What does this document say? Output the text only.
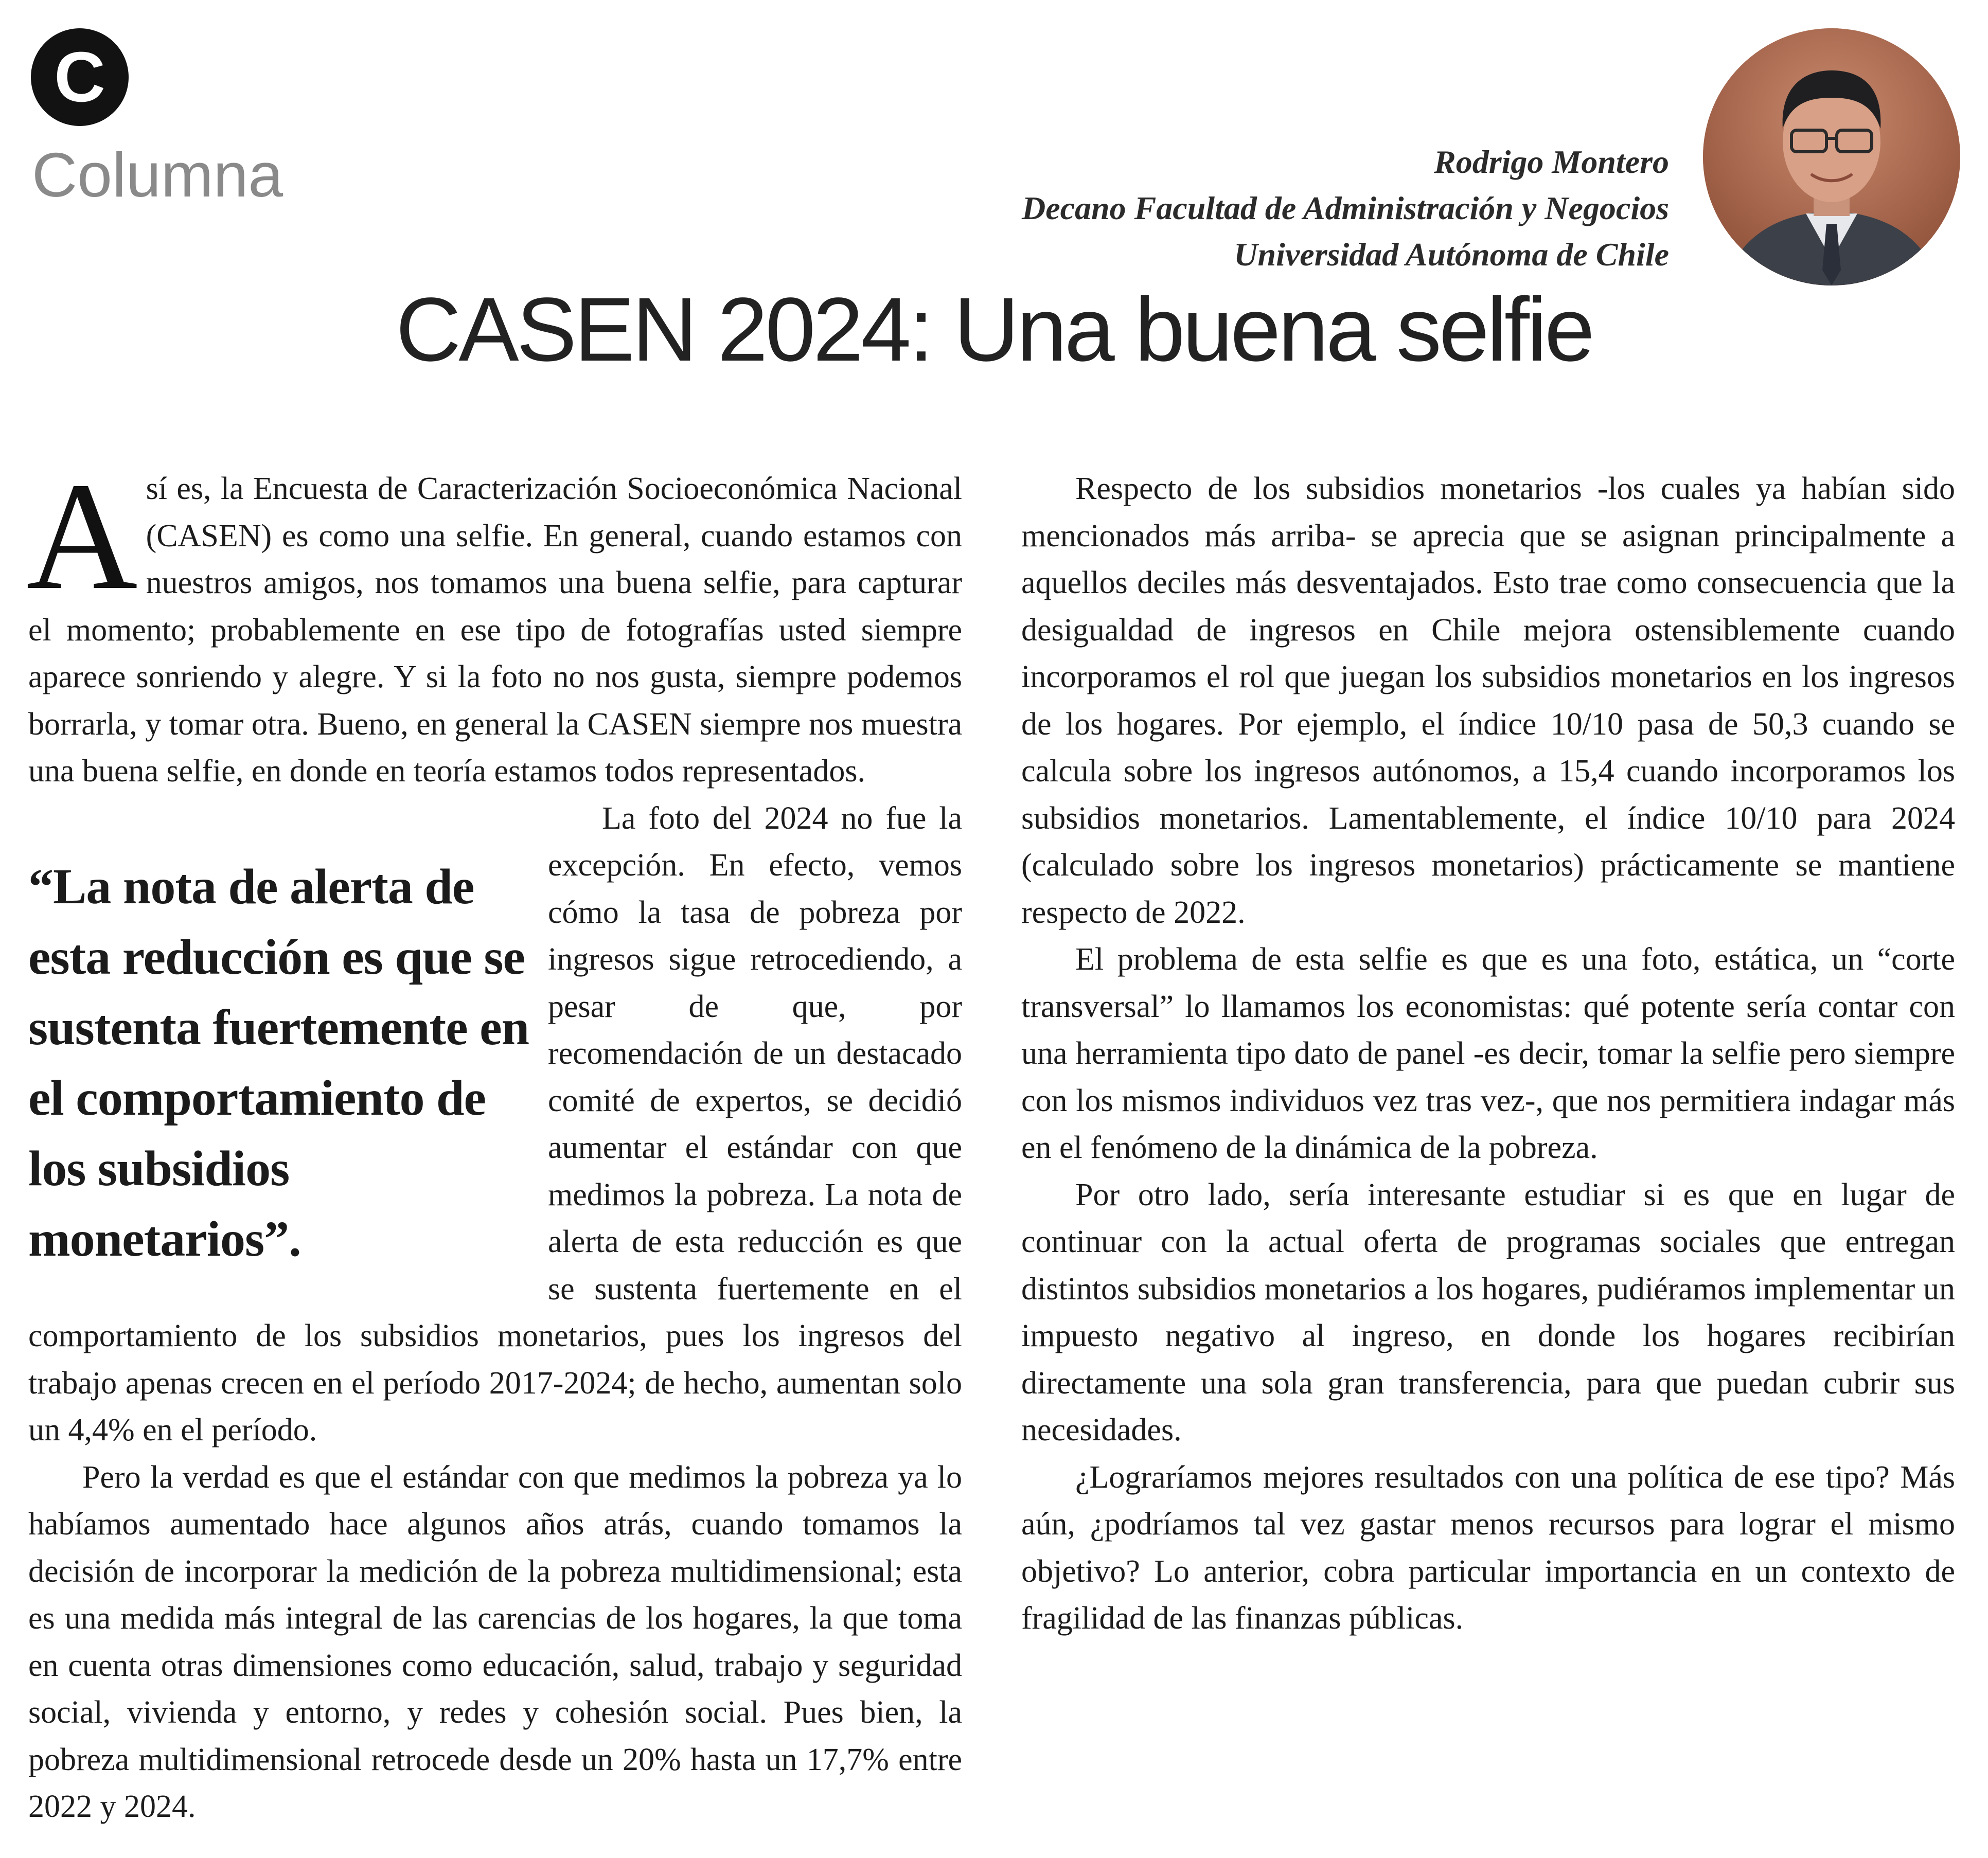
C
Columna	Rodrigo Montero
Decano Facultad de Administración y Negocios
Universidad Autónoma de Chile
CASEN 2024: Una buena selfie

Así es, la Encuesta de Caracterización Socioeconómica Nacional (CASEN) es como una selfie. En general, cuando estamos con nuestros amigos, nos tomamos una buena selfie, para capturar el momento; probablemente en ese tipo de fotografías usted siempre aparece sonriendo y alegre. Y si la foto no nos gusta, siempre podemos borrarla, y tomar otra. Bueno, en general la CASEN siempre nos muestra una buena selfie, en donde en teoría estamos todos representados.

“La nota de alerta de esta reducción es que se sustenta fuertemente en el comportamiento de los subsidios monetarios”.

La foto del 2024 no fue la excepción. En efecto, vemos cómo la tasa de pobreza por ingresos sigue retrocediendo, a pesar de que, por recomendación de un destacado comité de expertos, se decidió aumentar el estándar con que medimos la pobreza. La nota de alerta de esta reducción es que se sustenta fuertemente en el comportamiento de los subsidios monetarios, pues los ingresos del trabajo apenas crecen en el período 2017-2024; de hecho, aumentan solo un 4,4% en el período.

Pero la verdad es que el estándar con que medimos la pobreza ya lo habíamos aumentado hace algunos años atrás, cuando tomamos la decisión de incorporar la medición de la pobreza multidimensional; esta es una medida más integral de las carencias de los hogares, la que toma en cuenta otras dimensiones como educación, salud, trabajo y seguridad social, vivienda y entorno, y redes y cohesión social. Pues bien, la pobreza multidimensional retrocede desde un 20% hasta un 17,7% entre 2022 y 2024.

Respecto de los subsidios monetarios -los cuales ya habían sido mencionados más arriba- se aprecia que se asignan principalmente a aquellos deciles más desventajados. Esto trae como consecuencia que la desigualdad de ingresos en Chile mejora ostensiblemente cuando incorporamos el rol que juegan los subsidios monetarios en los ingresos de los hogares. Por ejemplo, el índice 10/10 pasa de 50,3 cuando se calcula sobre los ingresos autónomos, a 15,4 cuando incorporamos los subsidios monetarios. Lamentablemente, el índice 10/10 para 2024 (calculado sobre los ingresos monetarios) prácticamente se mantiene respecto de 2022.

El problema de esta selfie es que es una foto, estática, un “corte transversal” lo llamamos los economistas: qué potente sería contar con una herramienta tipo dato de panel -es decir, tomar la selfie pero siempre con los mismos individuos vez tras vez-, que nos permitiera indagar más en el fenómeno de la dinámica de la pobreza.

Por otro lado, sería interesante estudiar si es que en lugar de continuar con la actual oferta de programas sociales que entregan distintos subsidios monetarios a los hogares, pudiéramos implementar un impuesto negativo al ingreso, en donde los hogares recibirían directamente una sola gran transferencia, para que puedan cubrir sus necesidades.

¿Lograríamos mejores resultados con una política de ese tipo? Más aún, ¿podríamos tal vez gastar menos recursos para lograr el mismo objetivo? Lo anterior, cobra particular importancia en un contexto de fragilidad de las finanzas públicas.
